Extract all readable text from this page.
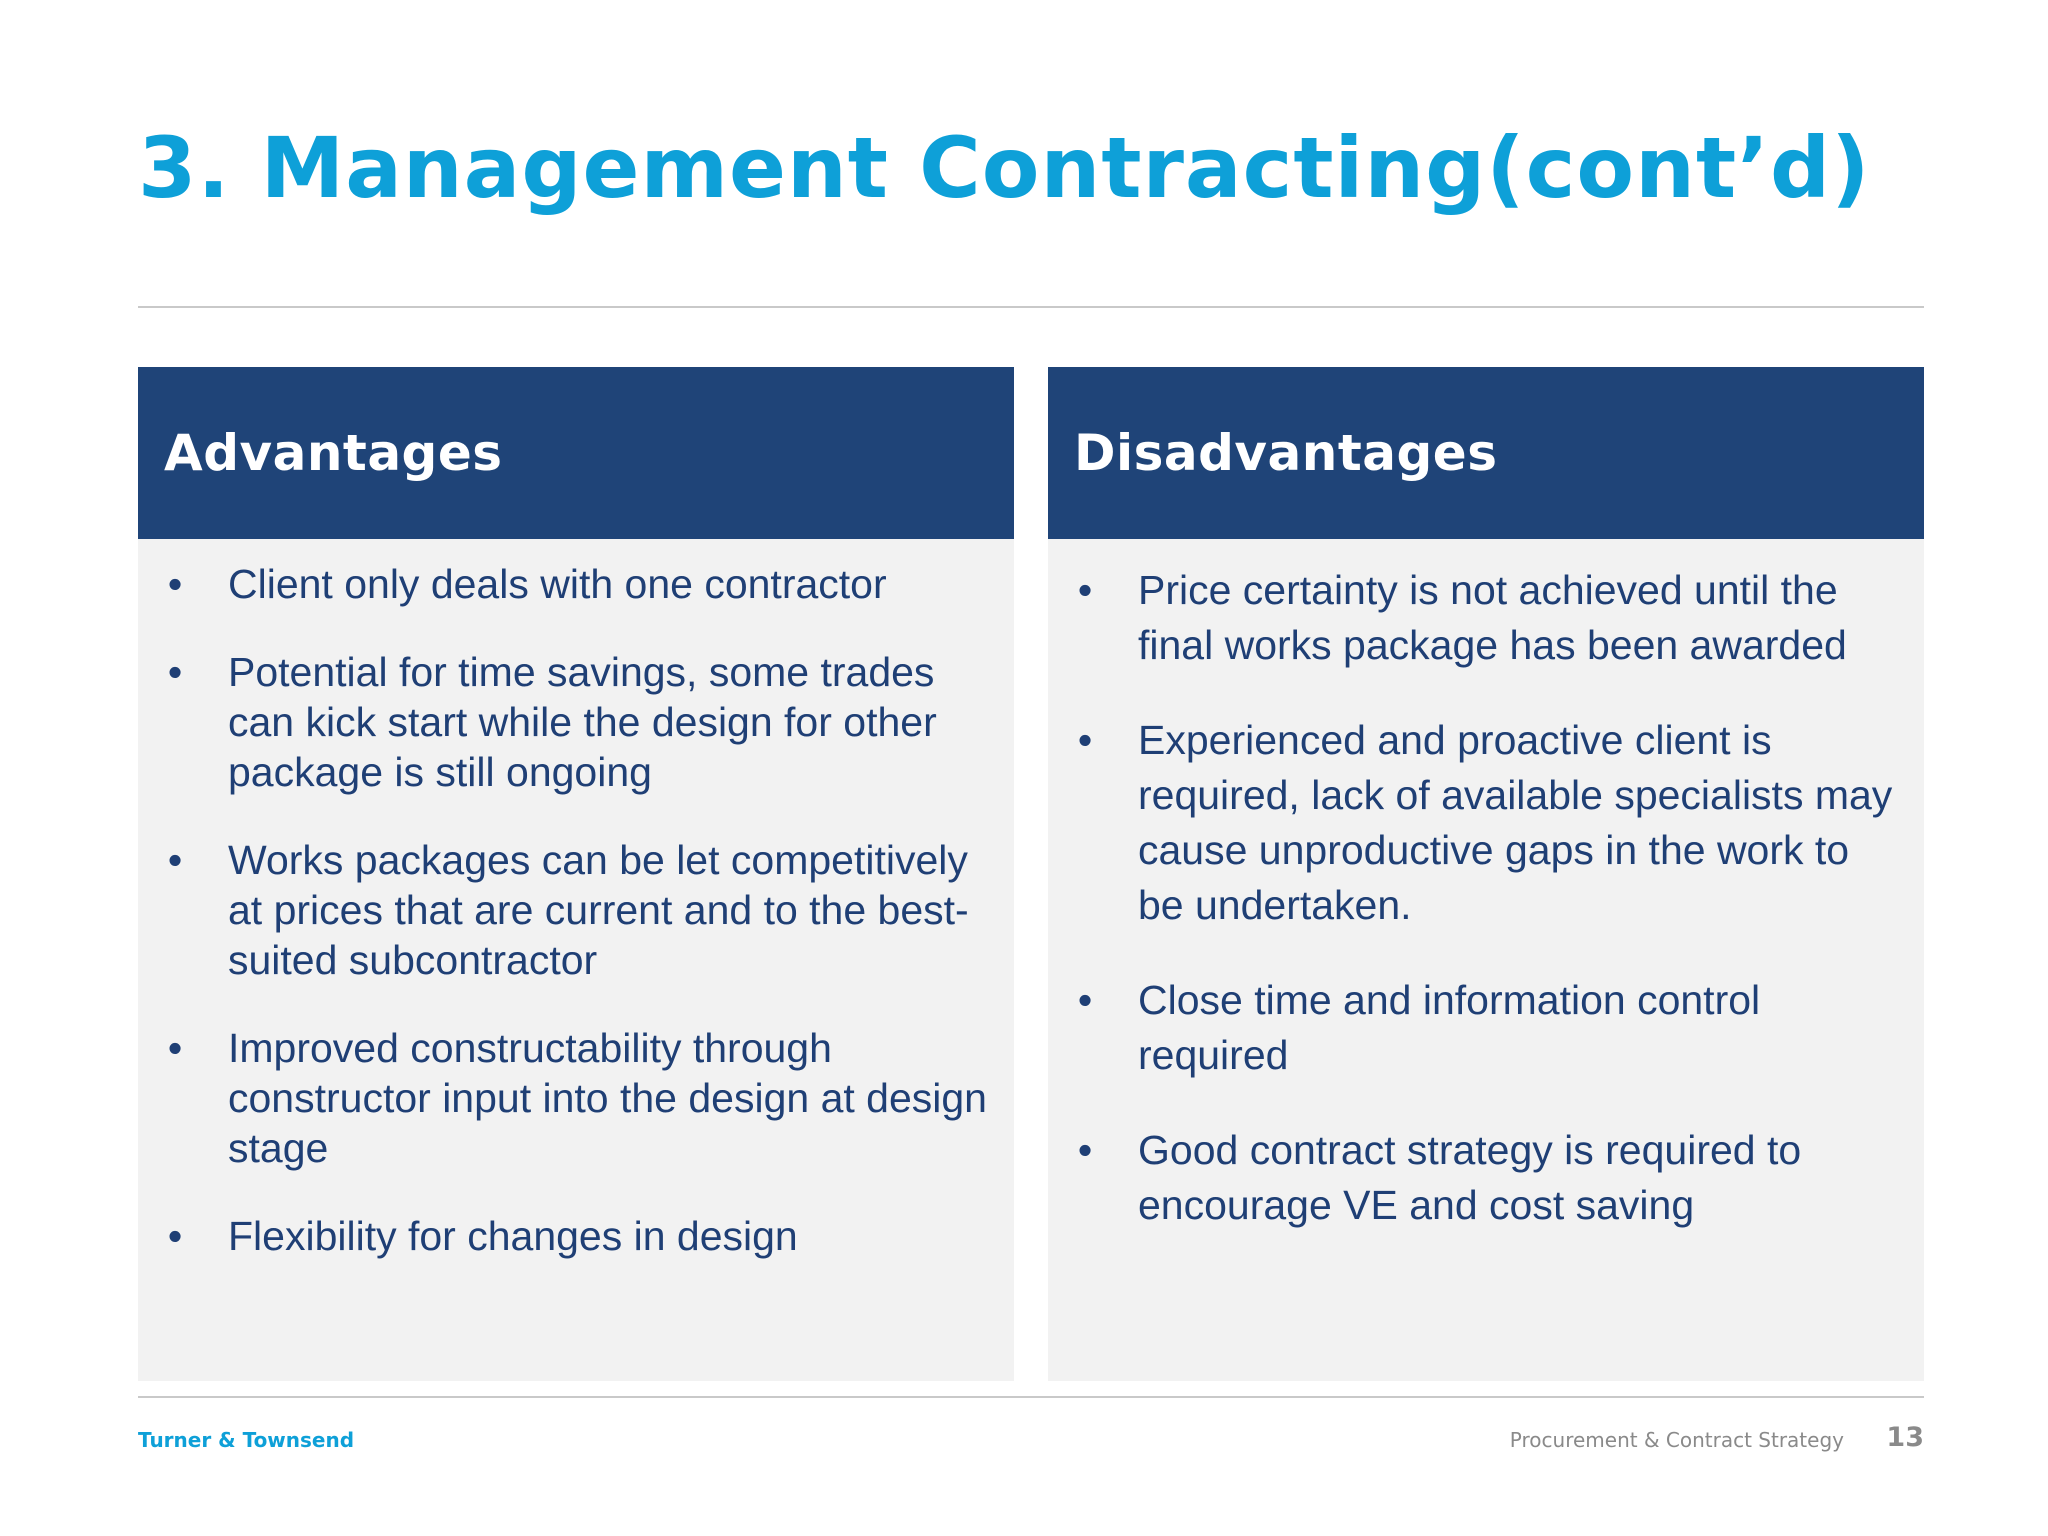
3. Management Contracting(cont’d)
Advantages
• Client only deals with one contractor
• Potential for time savings, some trades can kick start while the design for other package is still ongoing
• Works packages can be let competitively at prices that are current and to the best-suited subcontractor
• Improved constructability through constructor input into the design at design stage
• Flexibility for changes in design
Disadvantages
• Price certainty is not achieved until the final works package has been awarded
• Experienced and proactive client is required, lack of available specialists may cause unproductive gaps in the work to be undertaken.
• Close time and information control required
• Good contract strategy is required to encourage VE and cost saving
Turner & Townsend	Procurement & Contract Strategy 13
